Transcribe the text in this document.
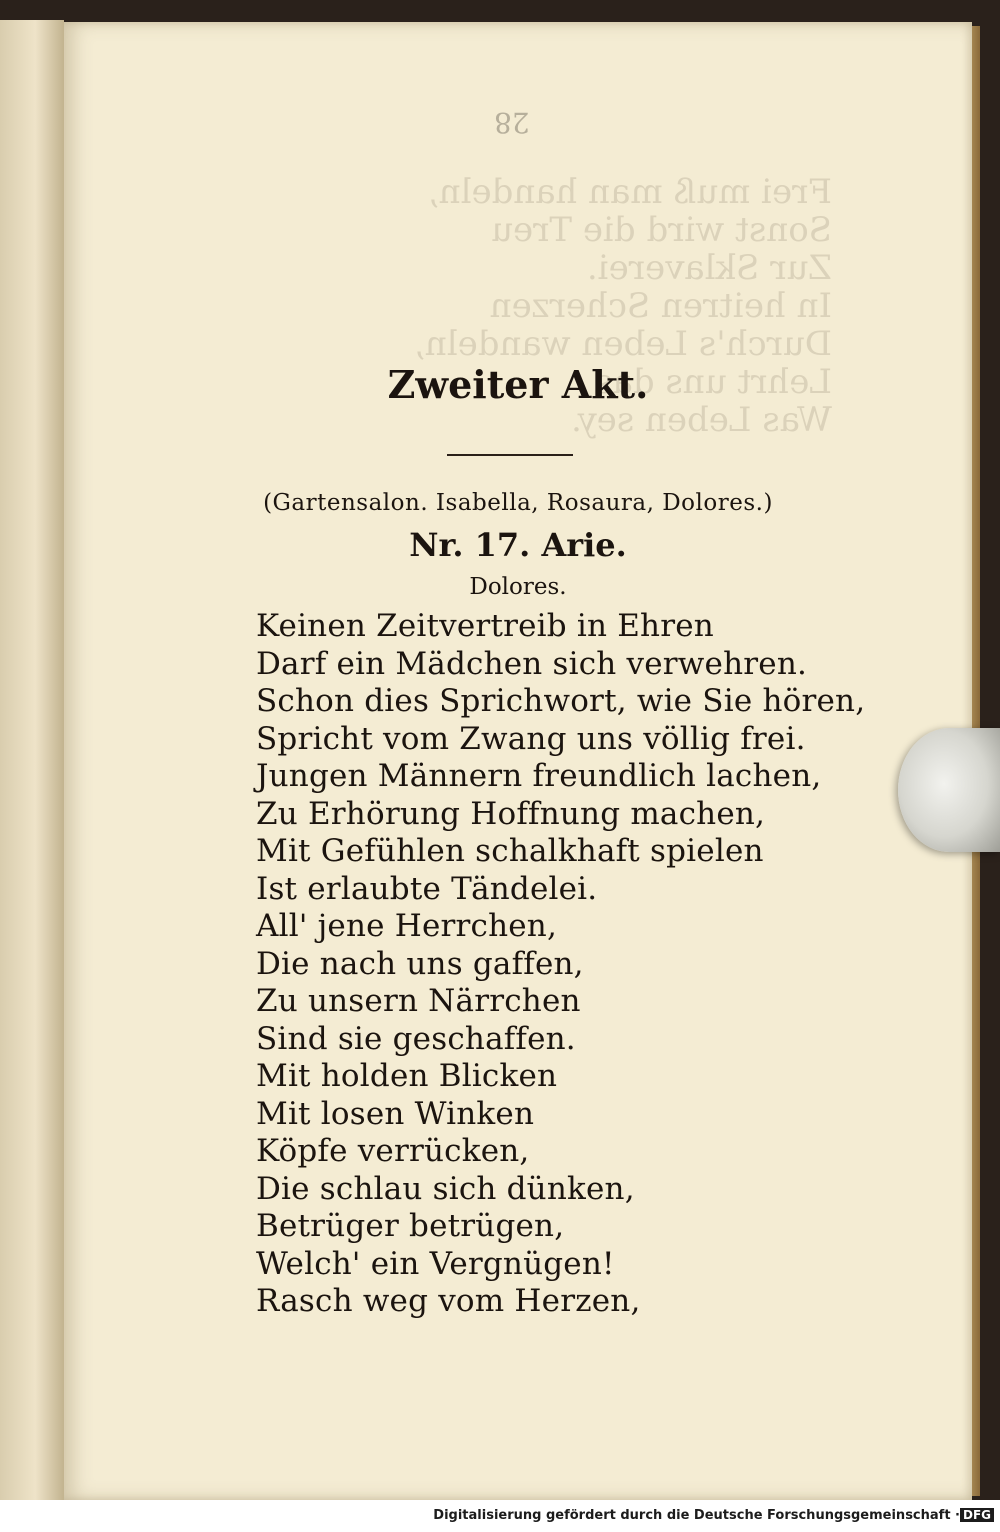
Frei muß man handeln,
Sonst wird die Treu
Zur Sklaverei.
In heitren Scherzen
Durch's Leben wandeln,
Lehrt uns das
Was Leben sey.
28
Zweiter Akt.
(Gartensalon. Isabella, Rosaura, Dolores.)
Nr. 17. Arie.
Dolores.
Keinen Zeitvertreib in Ehren
Darf ein Mädchen sich verwehren.
Schon dies Sprichwort, wie Sie hören,
Spricht vom Zwang uns völlig frei.
Jungen Männern freundlich lachen,
Zu Erhörung Hoffnung machen,
Mit Gefühlen schalkhaft spielen
Ist erlaubte Tändelei.
All' jene Herrchen,
Die nach uns gaffen,
Zu unsern Närrchen
Sind sie geschaffen.
Mit holden Blicken
Mit losen Winken
Köpfe verrücken,
Die schlau sich dünken,
Betrüger betrügen,
Welch' ein Vergnügen!
Rasch weg vom Herzen,
Digitalisierung gefördert durch die Deutsche Forschungsgemeinschaft · DFG
